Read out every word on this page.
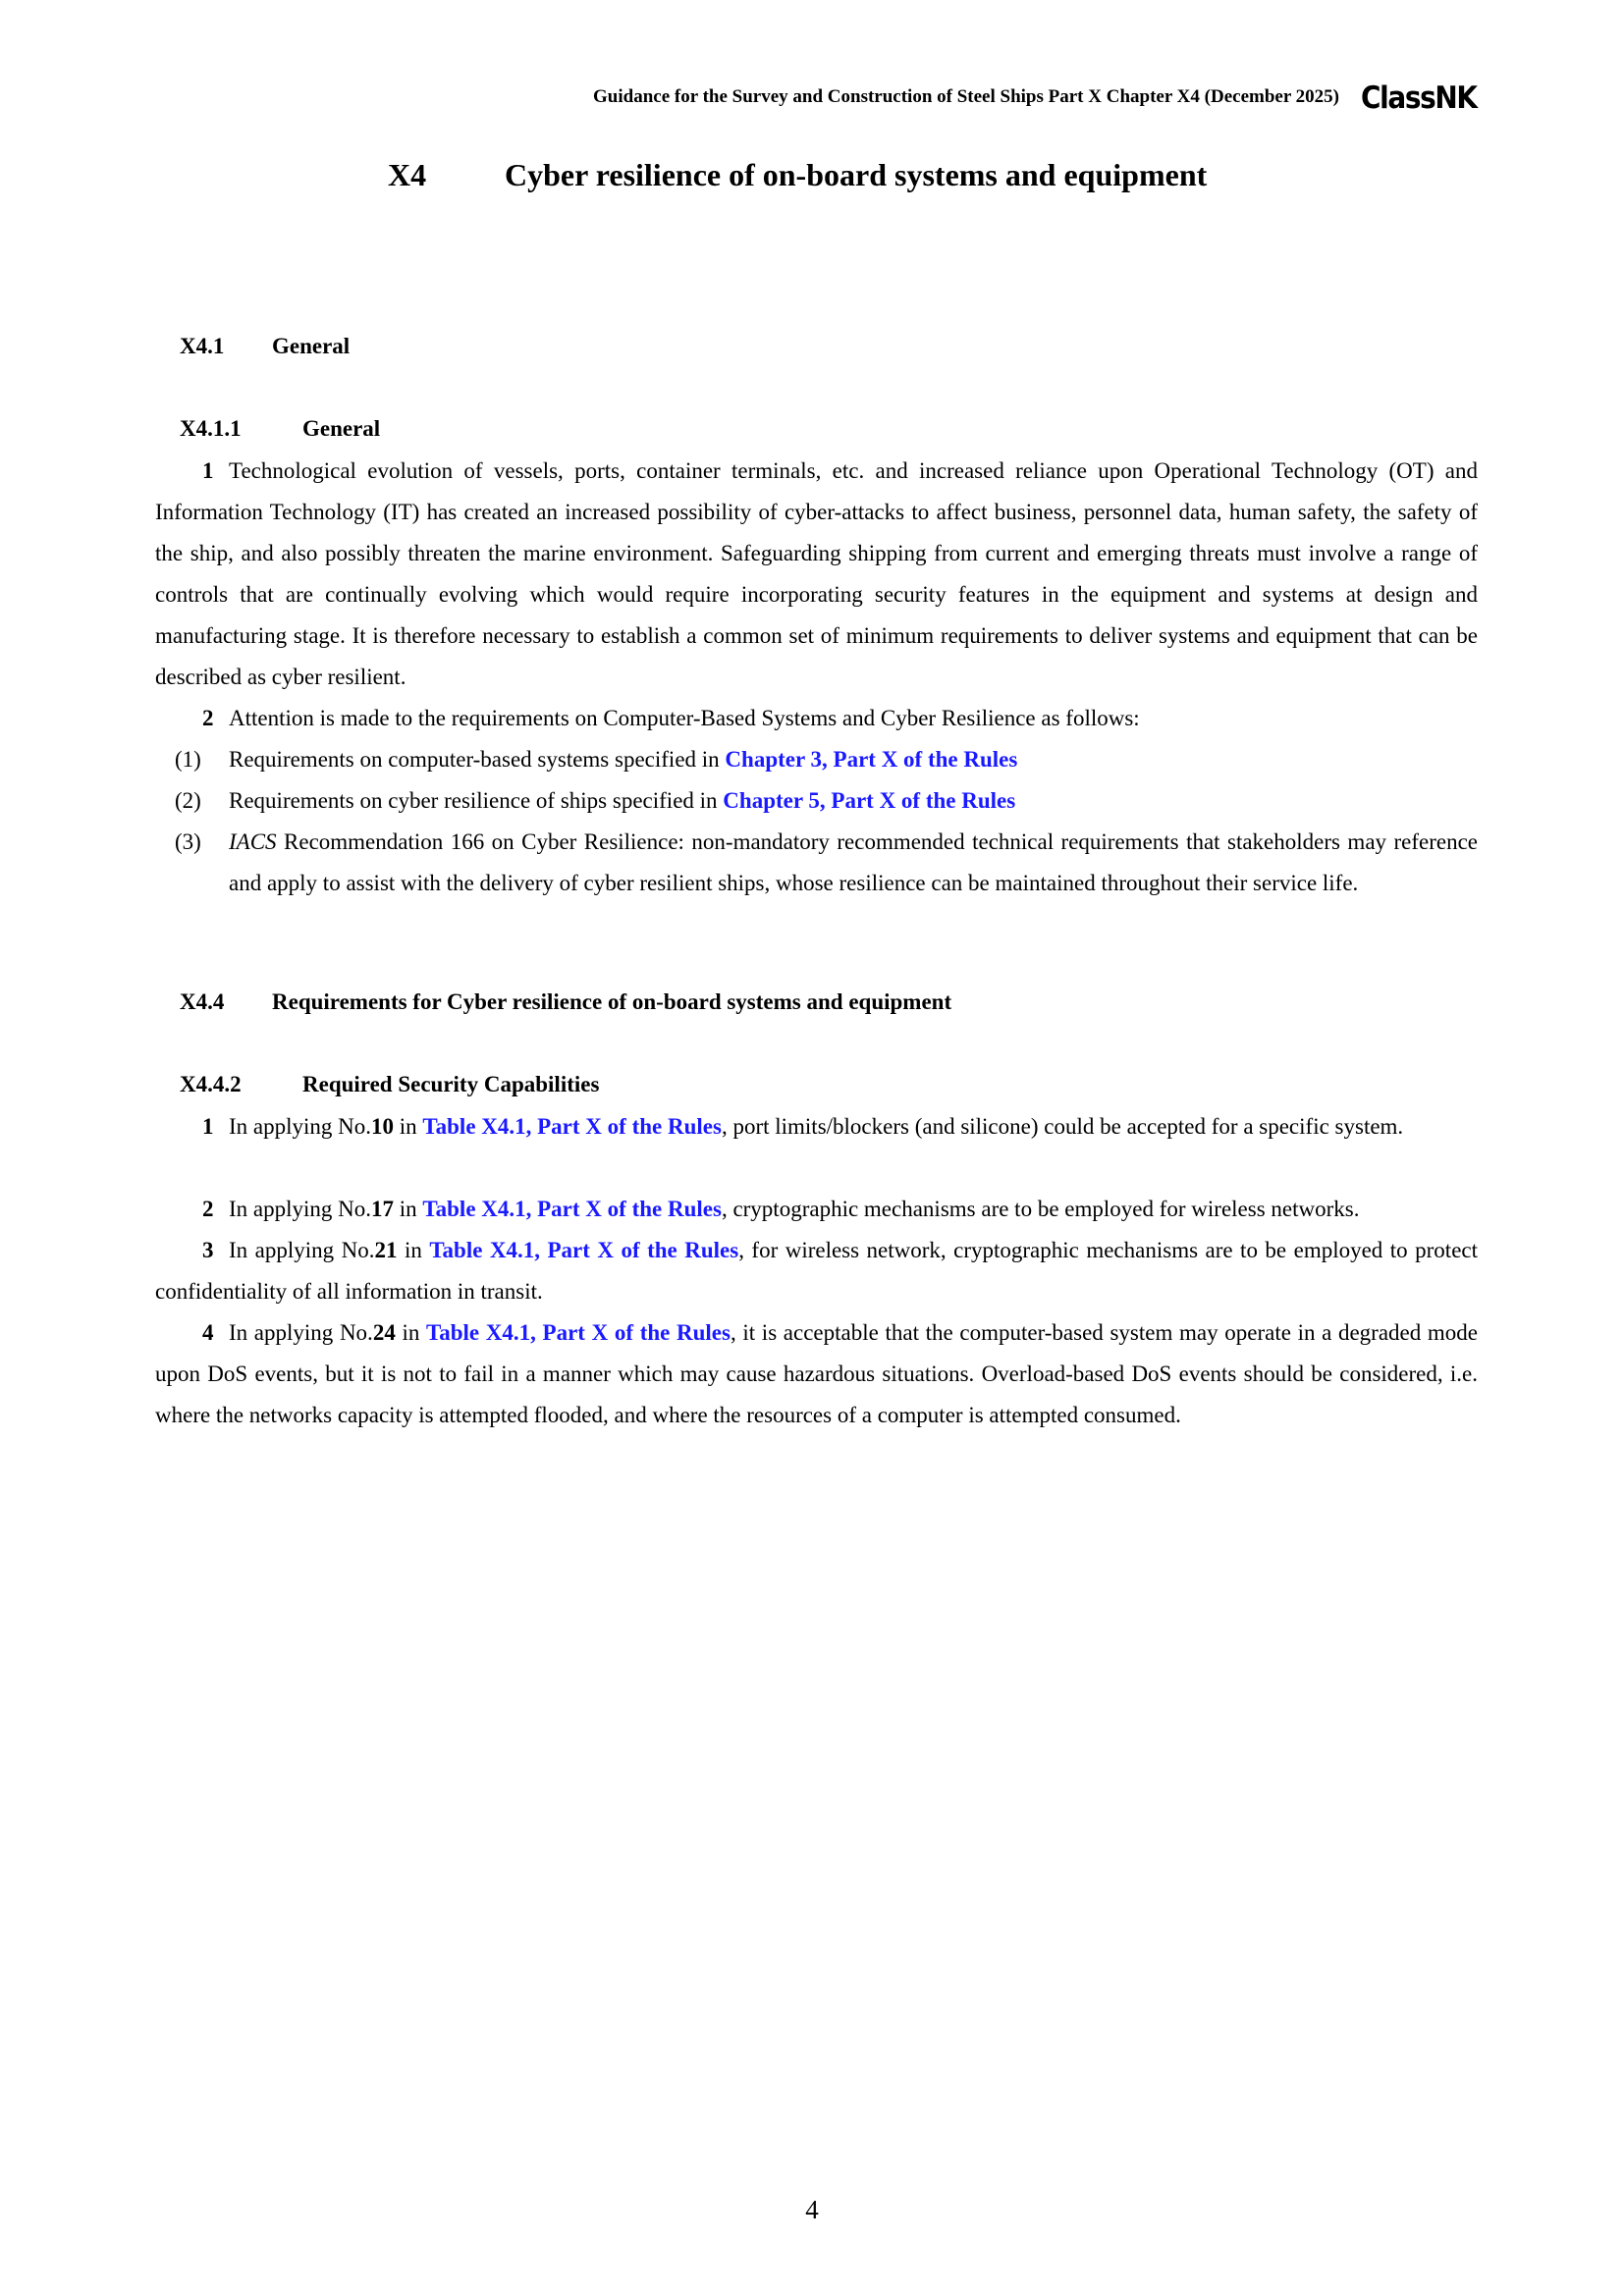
Guidance for the Survey and Construction of Steel Ships Part X Chapter X4 (December 2025) ClassNK
X4 Cyber resilience of on-board systems and equipment
X4.1 General
X4.1.1	General
1 Technological evolution of vessels, ports, container terminals, etc. and increased reliance upon Operational Technology (OT) and Information Technology (IT) has created an increased possibility of cyber-attacks to affect business, personnel data, human safety, the safety of the ship, and also possibly threaten the marine environment. Safeguarding shipping from current and emerging threats must involve a range of controls that are continually evolving which would require incorporating security features in the equipment and systems at design and manufacturing stage. It is therefore necessary to establish a common set of minimum requirements to deliver systems and equipment that can be described as cyber resilient.
2 Attention is made to the requirements on Computer-Based Systems and Cyber Resilience as follows:
(1) Requirements on computer-based systems specified in Chapter 3, Part X of the Rules
(2) Requirements on cyber resilience of ships specified in Chapter 5, Part X of the Rules
(3) IACS Recommendation 166 on Cyber Resilience: non-mandatory recommended technical requirements that stakeholders may reference and apply to assist with the delivery of cyber resilient ships, whose resilience can be maintained throughout their service life.
X4.4 Requirements for Cyber resilience of on-board systems and equipment
X4.4.2	Required Security Capabilities
1 In applying No.10 in Table X4.1, Part X of the Rules, port limits/blockers (and silicone) could be accepted for a specific system.
2 In applying No.17 in Table X4.1, Part X of the Rules, cryptographic mechanisms are to be employed for wireless networks.
3 In applying No.21 in Table X4.1, Part X of the Rules, for wireless network, cryptographic mechanisms are to be employed to protect confidentiality of all information in transit.
4 In applying No.24 in Table X4.1, Part X of the Rules, it is acceptable that the computer-based system may operate in a degraded mode upon DoS events, but it is not to fail in a manner which may cause hazardous situations. Overload-based DoS events should be considered, i.e. where the networks capacity is attempted flooded, and where the resources of a computer is attempted consumed.
4
